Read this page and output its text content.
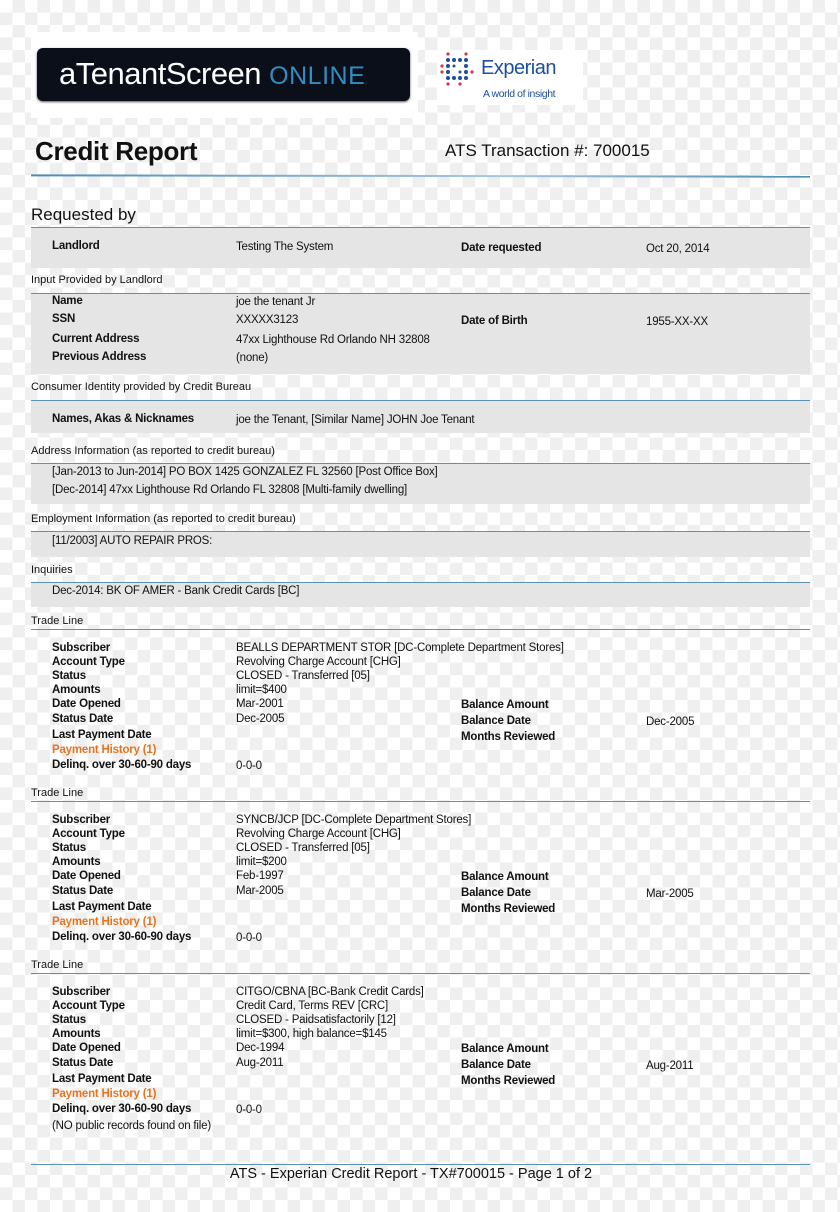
aTenantScreen ONLINE	Experian
A world of insight
Credit Report	ATS Transaction #: 700015
Requested by
Landlord	Testing The System	Date requested	Oct 20, 2014
Input Provided by Landlord
Name	joe the tenant Jr
SSN	XXXXX3123	Date of Birth	1955-XX-XX
Current Address	47xx Lighthouse Rd Orlando NH 32808
Previous Address	(none)
Consumer Identity provided by Credit Bureau
Names, Akas & Nicknames	joe the Tenant, [Similar Name] JOHN Joe Tenant
Address Information (as reported to credit bureau)
[Jan-2013 to Jun-2014] PO BOX 1425 GONZALEZ FL 32560 [Post Office Box]
[Dec-2014] 47xx Lighthouse Rd Orlando FL 32808 [Multi-family dwelling]
Employment Information (as reported to credit bureau)
[11/2003] AUTO REPAIR PROS:
Inquiries
Dec-2014: BK OF AMER - Bank Credit Cards [BC]
Trade Line
Subscriber	BEALLS DEPARTMENT STOR [DC-Complete Department Stores]
Account Type	Revolving Charge Account [CHG]
Status	CLOSED - Transferred [05]
Amounts	limit=$400
Date Opened	Mar-2001
Status Date	Dec-2005
Last Payment Date
Payment History (1)
Delinq. over 30-60-90 days	0-0-0
Balance Amount
Balance Date	Dec-2005
Months Reviewed
Trade Line
Subscriber	SYNCB/JCP [DC-Complete Department Stores]
Account Type	Revolving Charge Account [CHG]
Status	CLOSED - Transferred [05]
Amounts	limit=$200
Date Opened	Feb-1997
Status Date	Mar-2005
Last Payment Date
Payment History (1)
Delinq. over 30-60-90 days	0-0-0
Balance Amount
Balance Date	Mar-2005
Months Reviewed
Trade Line
Subscriber	CITGO/CBNA [BC-Bank Credit Cards]
Account Type	Credit Card, Terms REV [CRC]
Status	CLOSED - Paidsatisfactorily [12]
Amounts	limit=$300, high balance=$145
Date Opened	Dec-1994
Status Date	Aug-2011
Last Payment Date
Payment History (1)
Delinq. over 30-60-90 days	0-0-0
Balance Amount
Balance Date	Aug-2011
Months Reviewed
(NO public records found on file)
ATS - Experian Credit Report - TX#700015 - Page 1 of 2
